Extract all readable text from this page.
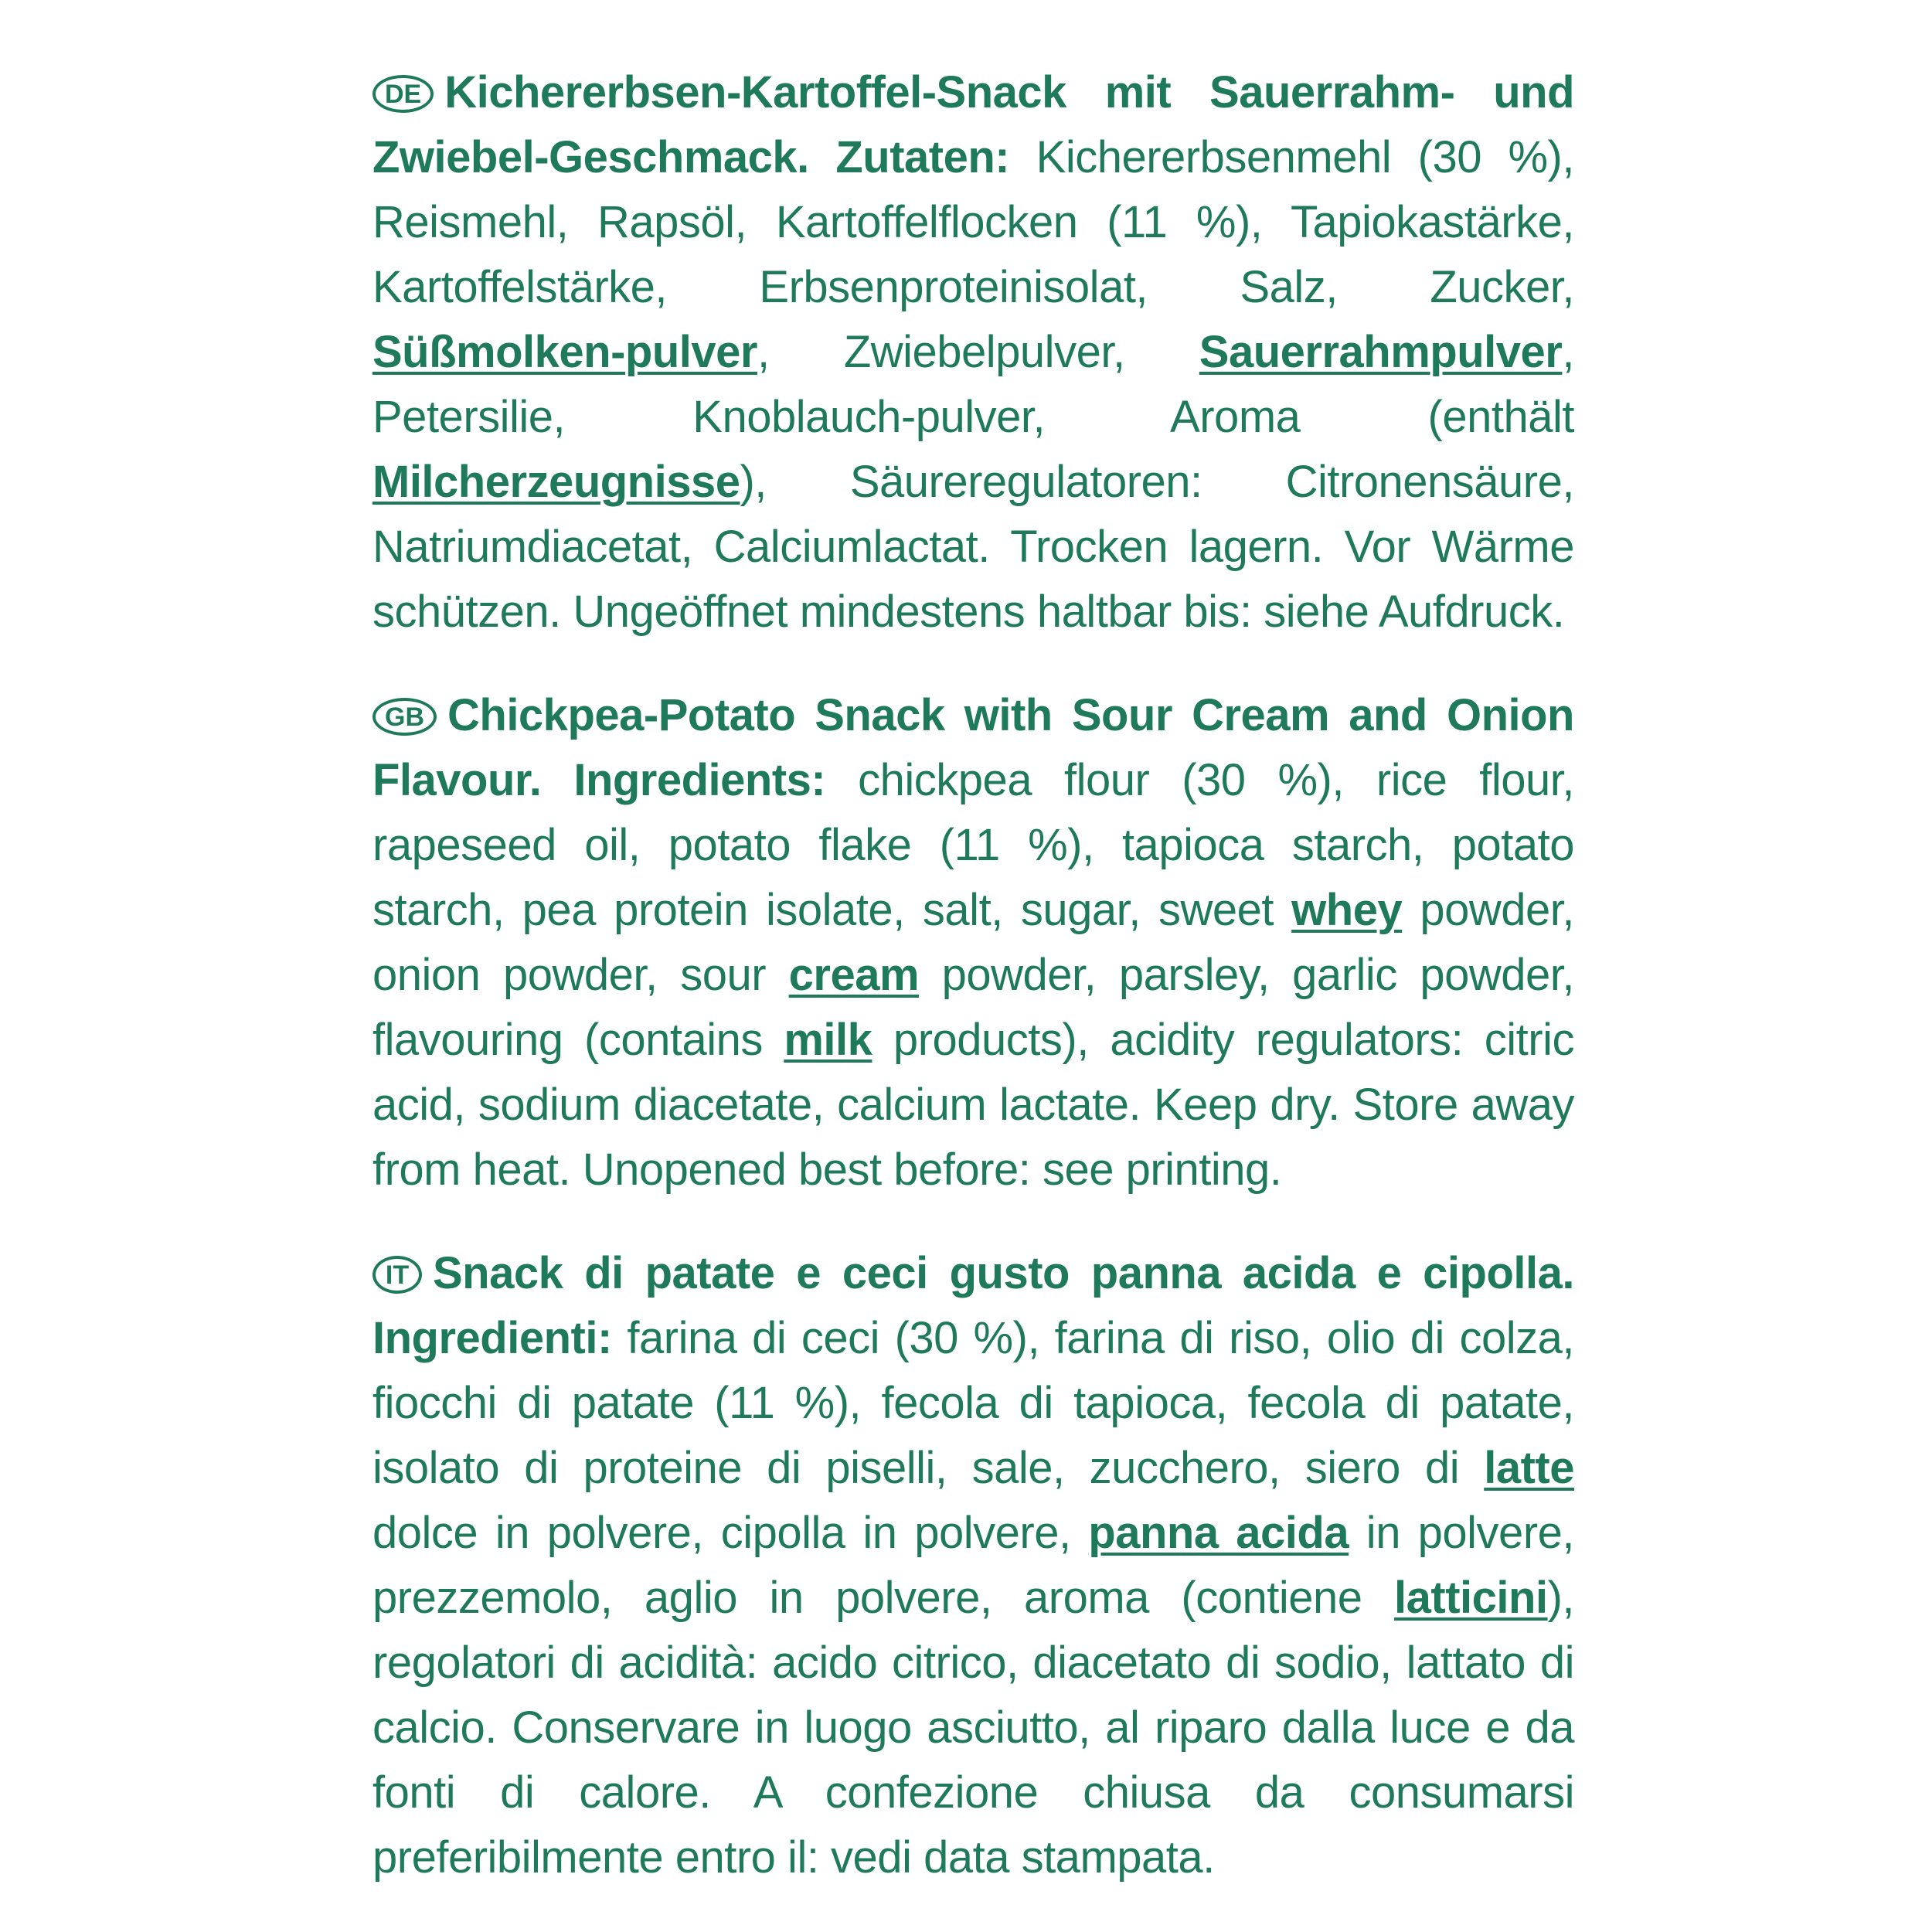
DE Kichererbsen-Kartoffel-Snack mit Sauerrahm- und Zwiebel-Geschmack. Zutaten: Kichererbsenmehl (30 %), Reismehl, Rapsöl, Kartoffelflocken (11 %), Tapiokastärke, Kartoffelstärke, Erbsenproteinisolat, Salz, Zucker, Süßmolken-pulver, Zwiebelpulver, Sauerrahmpulver, Petersilie, Knoblauch-pulver, Aroma (enthält Milcherzeugnisse), Säureregulatoren: Citronensäure, Natriumdiacetat, Calciumlactat. Trocken lagern. Vor Wärme schützen. Ungeöffnet mindestens haltbar bis: siehe Aufdruck.

GB Chickpea-Potato Snack with Sour Cream and Onion Flavour. Ingredients: chickpea flour (30 %), rice flour, rapeseed oil, potato flake (11 %), tapioca starch, potato starch, pea protein isolate, salt, sugar, sweet whey powder, onion powder, sour cream powder, parsley, garlic powder, flavouring (contains milk products), acidity regulators: citric acid, sodium diacetate, calcium lactate. Keep dry. Store away from heat. Unopened best before: see printing.

IT Snack di patate e ceci gusto panna acida e cipolla. Ingredienti: farina di ceci (30 %), farina di riso, olio di colza, fiocchi di patate (11 %), fecola di tapioca, fecola di patate, isolato di proteine di piselli, sale, zucchero, siero di latte dolce in polvere, cipolla in polvere, panna acida in polvere, prezzemolo, aglio in polvere, aroma (contiene latticini), regolatori di acidità: acido citrico, diacetato di sodio, lattato di calcio. Conservare in luogo asciutto, al riparo dalla luce e da fonti di calore. A confezione chiusa da consumarsi preferibilmente entro il: vedi data stampata.
